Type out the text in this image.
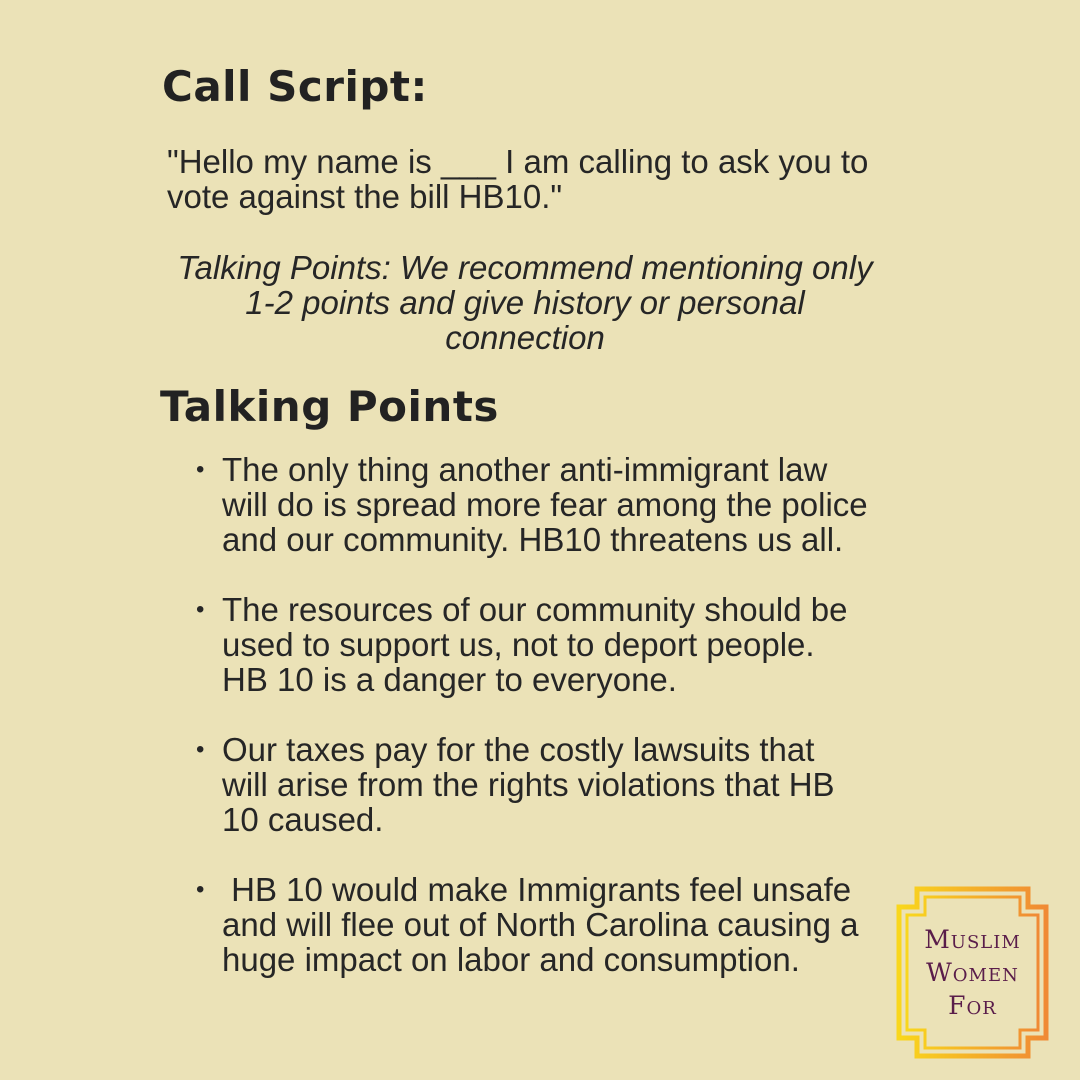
Call Script:

"Hello my name is ___ I am calling to ask you to

vote against the bill HB10."

Talking Points: We recommend mentioning only
1-2 points and give history or personal
connection

Talking Points
• The only thing another anti-immigrant law
will do is spread more fear among the police
and our community. HB10 threatens us all.
• The resources of our community should be
used to support us, not to deport people.
HB 10 is a danger to everyone.
• Our taxes pay for the costly lawsuits that
will arise from the rights violations that HB
10 caused.
• HB 10 would make Immigrants feel unsafe
and will flee out of North Carolina causing a
huge impact on labor and consumption.
Muslim
Women
For
